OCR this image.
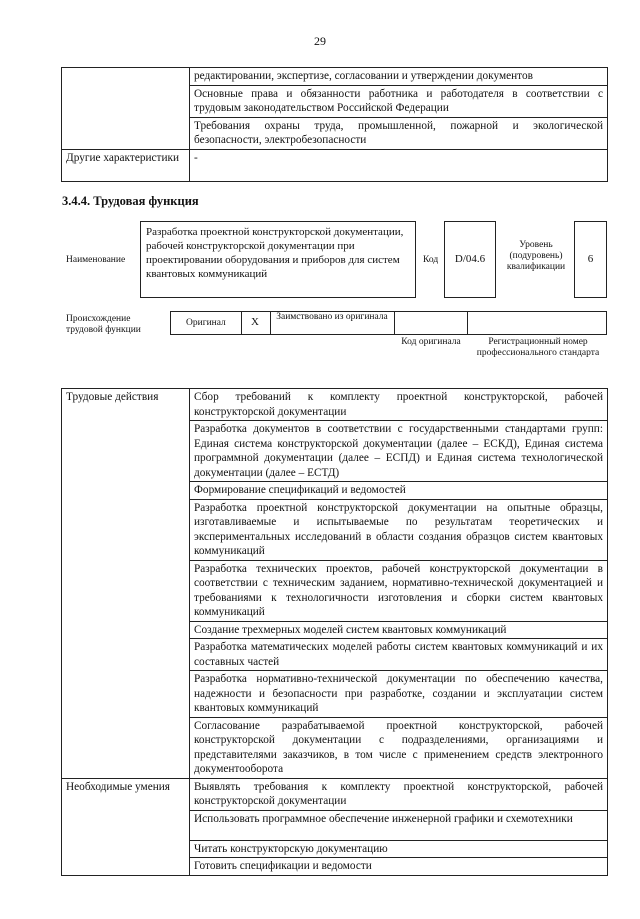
29
	редактировании, экспертизе, согласовании и утверждении документов
	Основные права и обязанности работника и работодателя в соответствии с трудовым законодательством Российской Федерации
	Требования охраны труда, промышленной, пожарной и экологической безопасности, электробезопасности
Другие характеристики	-
3.4.4. Трудовая функция
Наименование
Разработка проектной конструкторской документации, рабочей конструкторской документации при проектировании оборудования и приборов для систем квантовых коммуникаций
Код	D/04.6
Уровень (подуровень) квалификации
6
Происхождение трудовой функции
Оригинал X	Заимствовано из оригинала
Код оригинала	Регистрационный номер профессионального стандарта
Трудовые действия	Сбор требований к комплекту проектной конструкторской, рабочей конструкторской документации
	Разработка документов в соответствии с государственными стандартами групп: Единая система конструкторской документации (далее – ЕСКД), Единая система программной документации (далее – ЕСПД) и Единая система технологической документации (далее – ЕСТД)
	Формирование спецификаций и ведомостей
	Разработка проектной конструкторской документации на опытные образцы, изготавливаемые и испытываемые по результатам теоретических и экспериментальных исследований в области создания образцов систем квантовых коммуникаций
	Разработка технических проектов, рабочей конструкторской документации в соответствии с техническим заданием, нормативно-технической документацией и требованиями к технологичности изготовления и сборки систем квантовых коммуникаций
	Создание трехмерных моделей систем квантовых коммуникаций
	Разработка математических моделей работы систем квантовых коммуникаций и их составных частей
	Разработка нормативно-технической документации по обеспечению качества, надежности и безопасности при разработке, создании и эксплуатации систем квантовых коммуникаций
	Согласование разрабатываемой проектной конструкторской, рабочей конструкторской документации с подразделениями, организациями и представителями заказчиков, в том числе с применением средств электронного документооборота
Необходимые умения	Выявлять требования к комплекту проектной конструкторской, рабочей конструкторской документации
	Использовать программное обеспечение инженерной графики и схемотехники
	Читать конструкторскую документацию
	Готовить спецификации и ведомости
